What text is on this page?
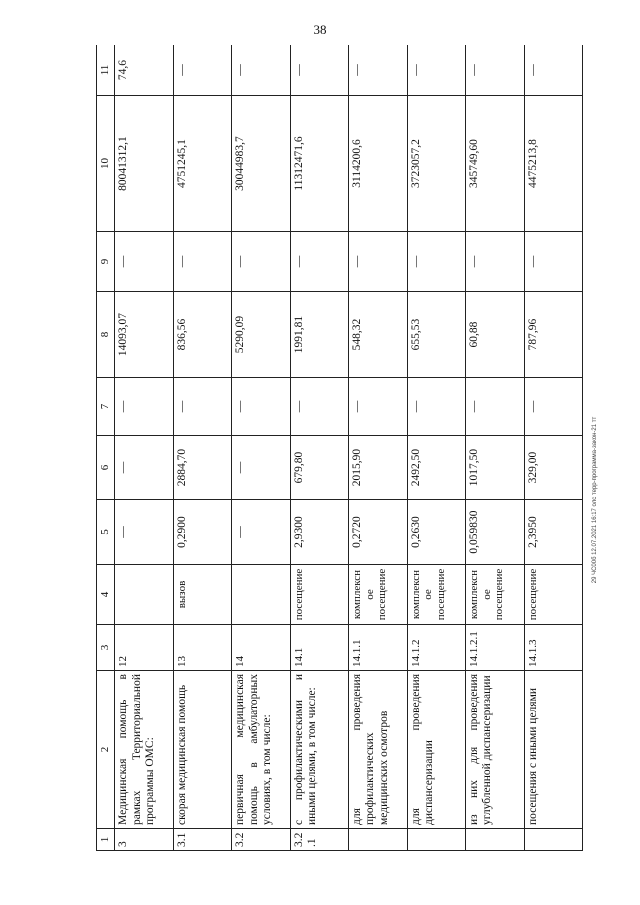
38
29 ЧС00б 12.07.2021 16:17 олс терр-программа-закон-21 тт
1	2	3	4	5	6	7	8	9	10	11
3	Медицинская помощь в рамках Территориальной программы ОМС:	12		—	—	—	14093,07	—	80041312,1	74,6
3.1	скорая медицинская помощь	13	вызов	0,2900	2884,70	—	836,56	—	4751245,1	—
3.2	первичная медицинская помощь в амбулаторных условиях, в том числе:	14		—	—	—	5290,09	—	30044983,7	—
3.2.1	с профилактическими и иными целями, в том числе:	14.1	посещение	2,9300	679,80	—	1991,81	—	11312471,6	—
	для проведения профилактических медицинских осмотров	14.1.1	комплексное посещение	0,2720	2015,90	—	548,32	—	3114200,6	—
	для проведения диспансеризации	14.1.2	комплексное посещение	0,2630	2492,50	—	655,53	—	3723057,2	—
	из них для проведения углубленной диспансеризации	14.1.2.1	комплексное посещение	0,059830	1017,50	—	60,88	—	345749,60	—
	посещения с иными целями	14.1.3	посещение	2,3950	329,00	—	787,96	—	4475213,8	—
